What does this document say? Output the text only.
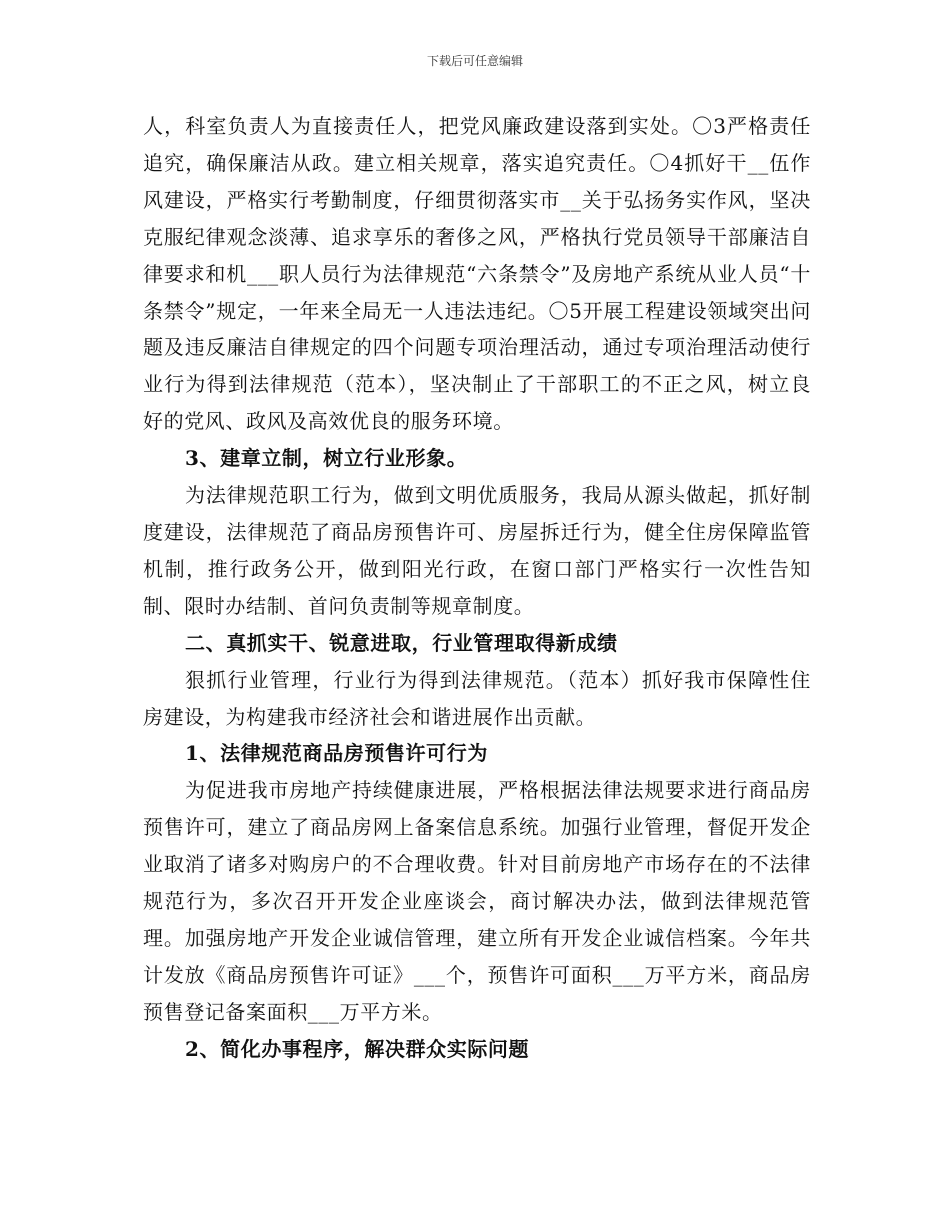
下载后可任意编辑

人，科室负责人为直接责任人，把党风廉政建设落到实处。〇3严格责任追究，确保廉洁从政。建立相关规章，落实追究责任。〇4抓好干__伍作风建设，严格实行考勤制度，仔细贯彻落实市__关于弘扬务实作风，坚决克服纪律观念淡薄、追求享乐的奢侈之风，严格执行党员领导干部廉洁自律要求和机___职人员行为法律规范“六条禁令”及房地产系统从业人员“十条禁令”规定，一年来全局无一人违法违纪。〇5开展工程建设领域突出问题及违反廉洁自律规定的四个问题专项治理活动，通过专项治理活动使行业行为得到法律规范（范本），坚决制止了干部职工的不正之风，树立良好的党风、政风及高效优良的服务环境。

3、建章立制，树立行业形象。

为法律规范职工行为，做到文明优质服务，我局从源头做起，抓好制度建设，法律规范了商品房预售许可、房屋拆迁行为，健全住房保障监管机制，推行政务公开，做到阳光行政，在窗口部门严格实行一次性告知制、限时办结制、首问负责制等规章制度。

二、真抓实干、锐意进取，行业管理取得新成绩

狠抓行业管理，行业行为得到法律规范。（范本）抓好我市保障性住房建设，为构建我市经济社会和谐进展作出贡献。

1、法律规范商品房预售许可行为

为促进我市房地产持续健康进展，严格根据法律法规要求进行商品房预售许可，建立了商品房网上备案信息系统。加强行业管理，督促开发企业取消了诸多对购房户的不合理收费。针对目前房地产市场存在的不法律规范行为，多次召开开发企业座谈会，商讨解决办法，做到法律规范管理。加强房地产开发企业诚信管理，建立所有开发企业诚信档案。今年共计发放《商品房预售许可证》___个，预售许可面积___万平方米，商品房预售登记备案面积___万平方米。

2、简化办事程序，解决群众实际问题
